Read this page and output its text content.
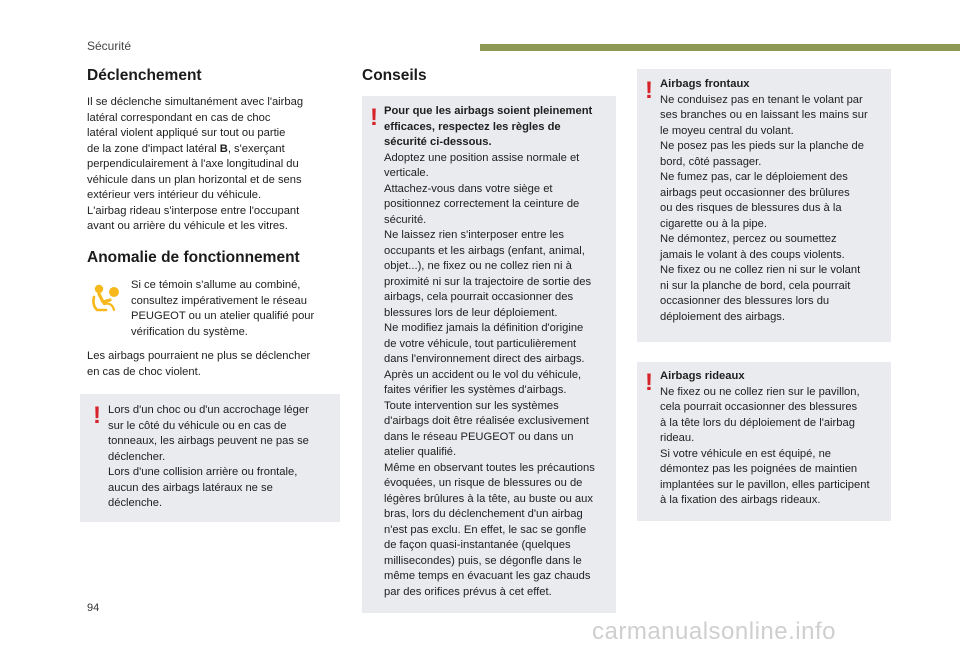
Sécurité
Déclenchement
Il se déclenche simultanément avec l'airbag
latéral correspondant en cas de choc
latéral violent appliqué sur tout ou partie
de la zone d'impact latéral B, s'exerçant
perpendiculairement à l'axe longitudinal du
véhicule dans un plan horizontal et de sens
extérieur vers intérieur du véhicule.
L'airbag rideau s'interpose entre l'occupant
avant ou arrière du véhicule et les vitres.
Anomalie de fonctionnement
Si ce témoin s'allume au combiné,
consultez impérativement le réseau
PEUGEOT ou un atelier qualifié pour
vérification du système.
Les airbags pourraient ne plus se déclencher
en cas de choc violent.
! Lors d'un choc ou d'un accrochage léger
sur le côté du véhicule ou en cas de
tonneaux, les airbags peuvent ne pas se
déclencher.
Lors d'une collision arrière ou frontale,
aucun des airbags latéraux ne se
déclenche.
Conseils
! Pour que les airbags soient pleinement
efficaces, respectez les règles de
sécurité ci-dessous.
Adoptez une position assise normale et
verticale.
Attachez-vous dans votre siège et
positionnez correctement la ceinture de
sécurité.
Ne laissez rien s'interposer entre les
occupants et les airbags (enfant, animal,
objet...), ne fixez ou ne collez rien ni à
proximité ni sur la trajectoire de sortie des
airbags, cela pourrait occasionner des
blessures lors de leur déploiement.
Ne modifiez jamais la définition d'origine
de votre véhicule, tout particulièrement
dans l'environnement direct des airbags.
Après un accident ou le vol du véhicule,
faites vérifier les systèmes d'airbags.
Toute intervention sur les systèmes
d'airbags doit être réalisée exclusivement
dans le réseau PEUGEOT ou dans un
atelier qualifié.
Même en observant toutes les précautions
évoquées, un risque de blessures ou de
légères brûlures à la tête, au buste ou aux
bras, lors du déclenchement d'un airbag
n'est pas exclu. En effet, le sac se gonfle
de façon quasi-instantanée (quelques
millisecondes) puis, se dégonfle dans le
même temps en évacuant les gaz chauds
par des orifices prévus à cet effet.
! Airbags frontaux
Ne conduisez pas en tenant le volant par
ses branches ou en laissant les mains sur
le moyeu central du volant.
Ne posez pas les pieds sur la planche de
bord, côté passager.
Ne fumez pas, car le déploiement des
airbags peut occasionner des brûlures
ou des risques de blessures dus à la
cigarette ou à la pipe.
Ne démontez, percez ou soumettez
jamais le volant à des coups violents.
Ne fixez ou ne collez rien ni sur le volant
ni sur la planche de bord, cela pourrait
occasionner des blessures lors du
déploiement des airbags.
! Airbags rideaux
Ne fixez ou ne collez rien sur le pavillon,
cela pourrait occasionner des blessures
à la tête lors du déploiement de l'airbag
rideau.
Si votre véhicule en est équipé, ne
démontez pas les poignées de maintien
implantées sur le pavillon, elles participent
à la fixation des airbags rideaux.
94
carmanualsonline.info
